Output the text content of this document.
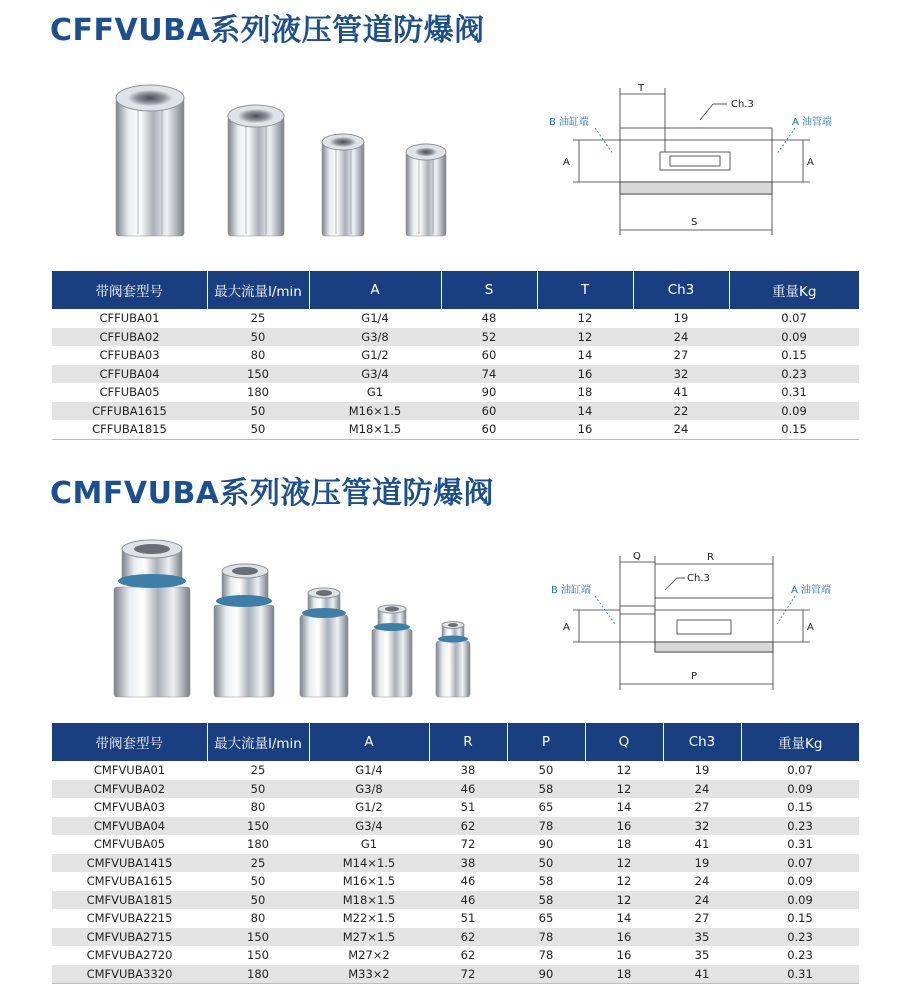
CFFVUBA系列液压管道防爆阀
T
Ch.3
B 油缸端	A 油管端
A	A
S
带阀套型号	最大流量l/min	A	S	T	Ch3	重量Kg
CFFUBA01	25	G1/4	48	12	19	0.07
CFFUBA02	50	G3/8	52	12	24	0.09
CFFUBA03	80	G1/2	60	14	27	0.15
CFFUBA04	150	G3/4	74	16	32	0.23
CFFUBA05	180	G1	90	18	41	0.31
CFFUBA1615	50	M16×1.5	60	14	22	0.09
CFFUBA1815	50	M18×1.5	60	16	24	0.15
CMFVUBA系列液压管道防爆阀
Q	R
Ch.3
B 油缸端	A 油管端
A	A
P
带阀套型号	最大流量l/min	A	R	P	Q	Ch3	重量Kg
CMFVUBA01	25	G1/4	38	50	12	19	0.07
CMFVUBA02	50	G3/8	46	58	12	24	0.09
CMFVUBA03	80	G1/2	51	65	14	27	0.15
CMFVUBA04	150	G3/4	62	78	16	32	0.23
CMFVUBA05	180	G1	72	90	18	41	0.31
CMFVUBA1415	25	M14×1.5	38	50	12	19	0.07
CMFVUBA1615	50	M16×1.5	46	58	12	24	0.09
CMFVUBA1815	50	M18×1.5	46	58	12	24	0.09
CMFVUBA2215	80	M22×1.5	51	65	14	27	0.15
CMFVUBA2715	150	M27×1.5	62	78	16	35	0.23
CMFVUBA2720	150	M27×2	62	78	16	35	0.23
CMFVUBA3320	180	M33×2	72	90	18	41	0.31
